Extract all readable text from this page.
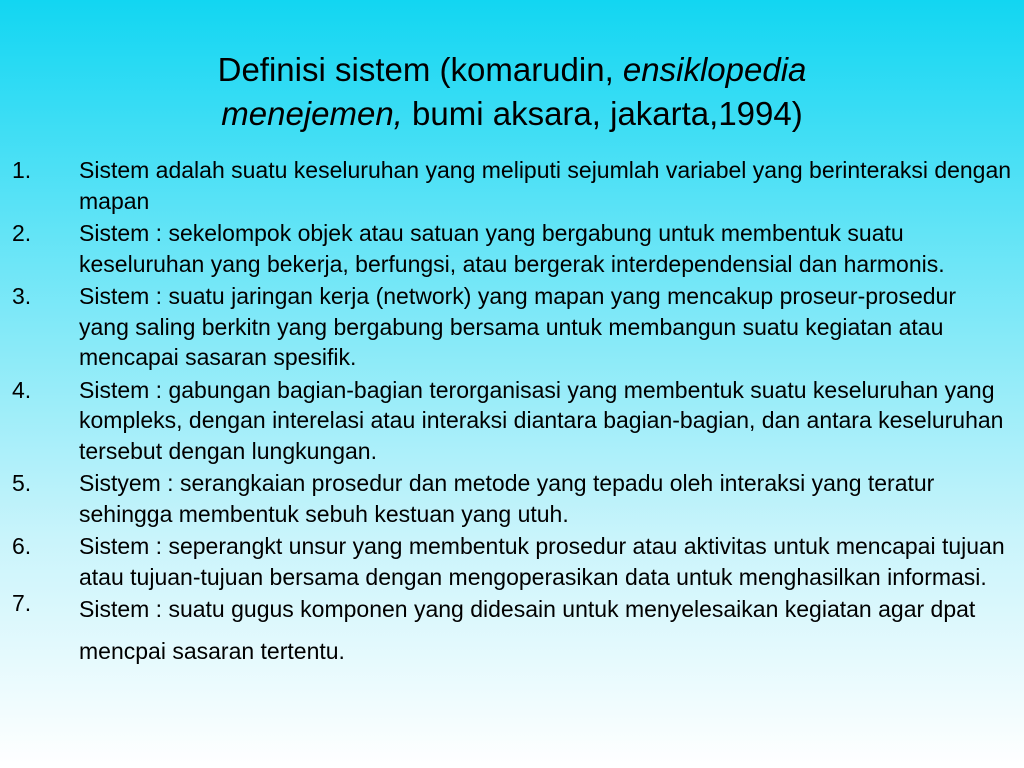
Definisi sistem (komarudin, ensiklopedia
menejemen, bumi aksara, jakarta,1994)
1. Sistem adalah suatu keseluruhan yang meliputi sejumlah variabel yang berinteraksi dengan mapan
2. Sistem : sekelompok objek atau satuan yang bergabung untuk membentuk suatu keseluruhan yang bekerja, berfungsi, atau bergerak interdependensial dan harmonis.
3. Sistem : suatu jaringan kerja (network) yang mapan yang mencakup proseur-prosedur yang saling berkitn yang bergabung bersama untuk membangun suatu kegiatan atau mencapai sasaran spesifik.
4. Sistem : gabungan bagian-bagian terorganisasi yang membentuk suatu keseluruhan yang kompleks, dengan interelasi atau interaksi diantara bagian-bagian, dan antara keseluruhan tersebut dengan lungkungan.
5. Sistyem : serangkaian prosedur dan metode yang tepadu oleh interaksi yang teratur sehingga membentuk sebuh kestuan yang utuh.
6. Sistem : seperangkt unsur yang membentuk prosedur atau aktivitas untuk mencapai tujuan atau tujuan-tujuan bersama dengan mengoperasikan data untuk menghasilkan informasi.
7. Sistem : suatu gugus komponen yang didesain untuk menyelesaikan kegiatan agar dpat mencpai sasaran tertentu.
